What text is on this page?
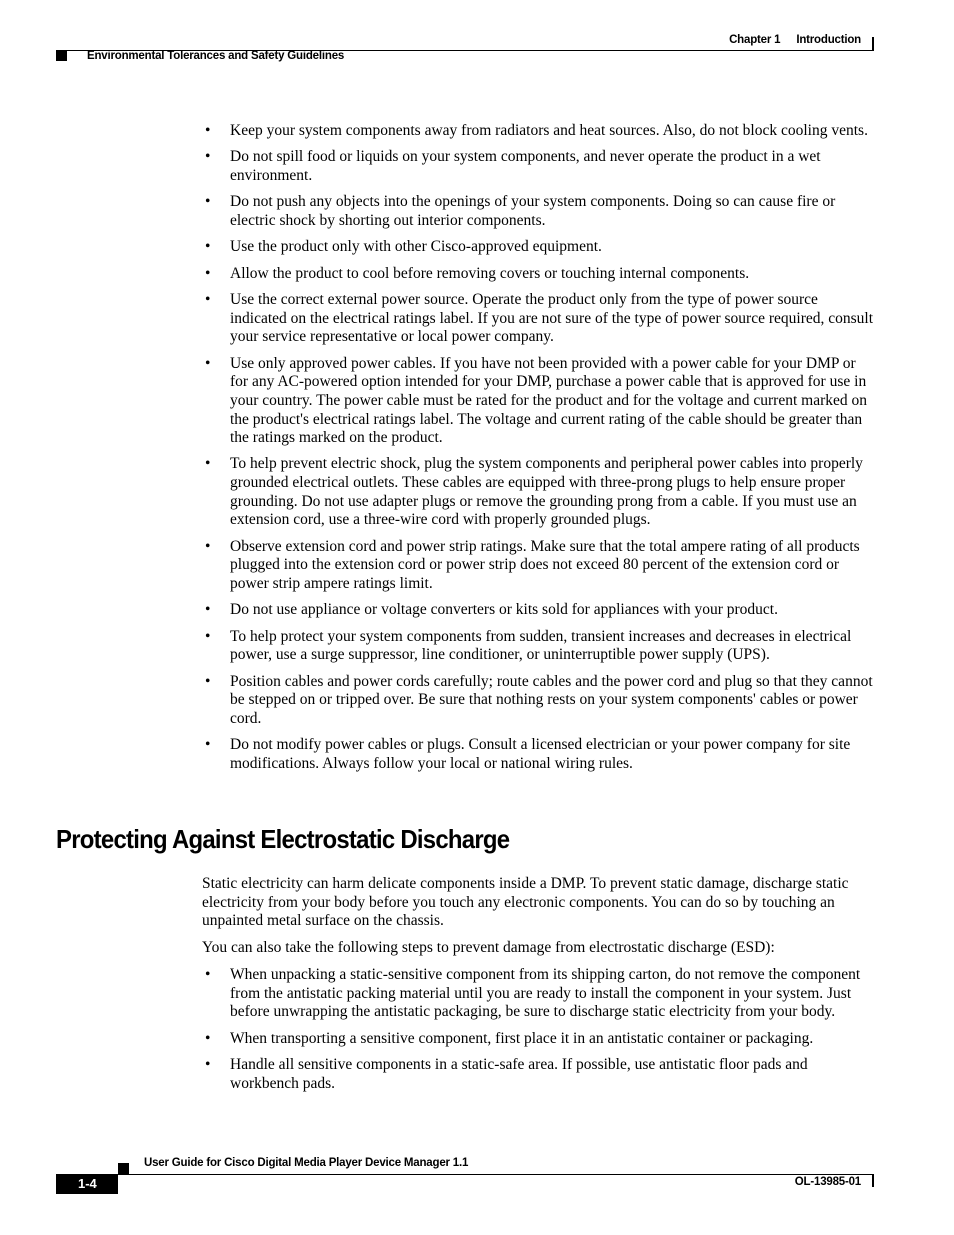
Chapter 1 Introduction
Environmental Tolerances and Safety Guidelines
• Keep your system components away from radiators and heat sources. Also, do not block cooling vents.
• Do not spill food or liquids on your system components, and never operate the product in a wet environment.
• Do not push any objects into the openings of your system components. Doing so can cause fire or electric shock by shorting out interior components.
• Use the product only with other Cisco-approved equipment.
• Allow the product to cool before removing covers or touching internal components.
• Use the correct external power source. Operate the product only from the type of power source indicated on the electrical ratings label. If you are not sure of the type of power source required, consult your service representative or local power company.
• Use only approved power cables. If you have not been provided with a power cable for your DMP or for any AC-powered option intended for your DMP, purchase a power cable that is approved for use in your country. The power cable must be rated for the product and for the voltage and current marked on the product's electrical ratings label. The voltage and current rating of the cable should be greater than the ratings marked on the product.
• To help prevent electric shock, plug the system components and peripheral power cables into properly grounded electrical outlets. These cables are equipped with three-prong plugs to help ensure proper grounding. Do not use adapter plugs or remove the grounding prong from a cable. If you must use an extension cord, use a three-wire cord with properly grounded plugs.
• Observe extension cord and power strip ratings. Make sure that the total ampere rating of all products plugged into the extension cord or power strip does not exceed 80 percent of the extension cord or power strip ampere ratings limit.
• Do not use appliance or voltage converters or kits sold for appliances with your product.
• To help protect your system components from sudden, transient increases and decreases in electrical power, use a surge suppressor, line conditioner, or uninterruptible power supply (UPS).
• Position cables and power cords carefully; route cables and the power cord and plug so that they cannot be stepped on or tripped over. Be sure that nothing rests on your system components' cables or power cord.
• Do not modify power cables or plugs. Consult a licensed electrician or your power company for site modifications. Always follow your local or national wiring rules.
Protecting Against Electrostatic Discharge

Static electricity can harm delicate components inside a DMP. To prevent static damage, discharge static electricity from your body before you touch any electronic components. You can do so by touching an unpainted metal surface on the chassis.

You can also take the following steps to prevent damage from electrostatic discharge (ESD):

• When unpacking a static-sensitive component from its shipping carton, do not remove the component from the antistatic packing material until you are ready to install the component in your system. Just before unwrapping the antistatic packaging, be sure to discharge static electricity from your body.
• When transporting a sensitive component, first place it in an antistatic container or packaging.
• Handle all sensitive components in a static-safe area. If possible, use antistatic floor pads and workbench pads.
User Guide for Cisco Digital Media Player Device Manager 1.1
1-4	OL-13985-01
